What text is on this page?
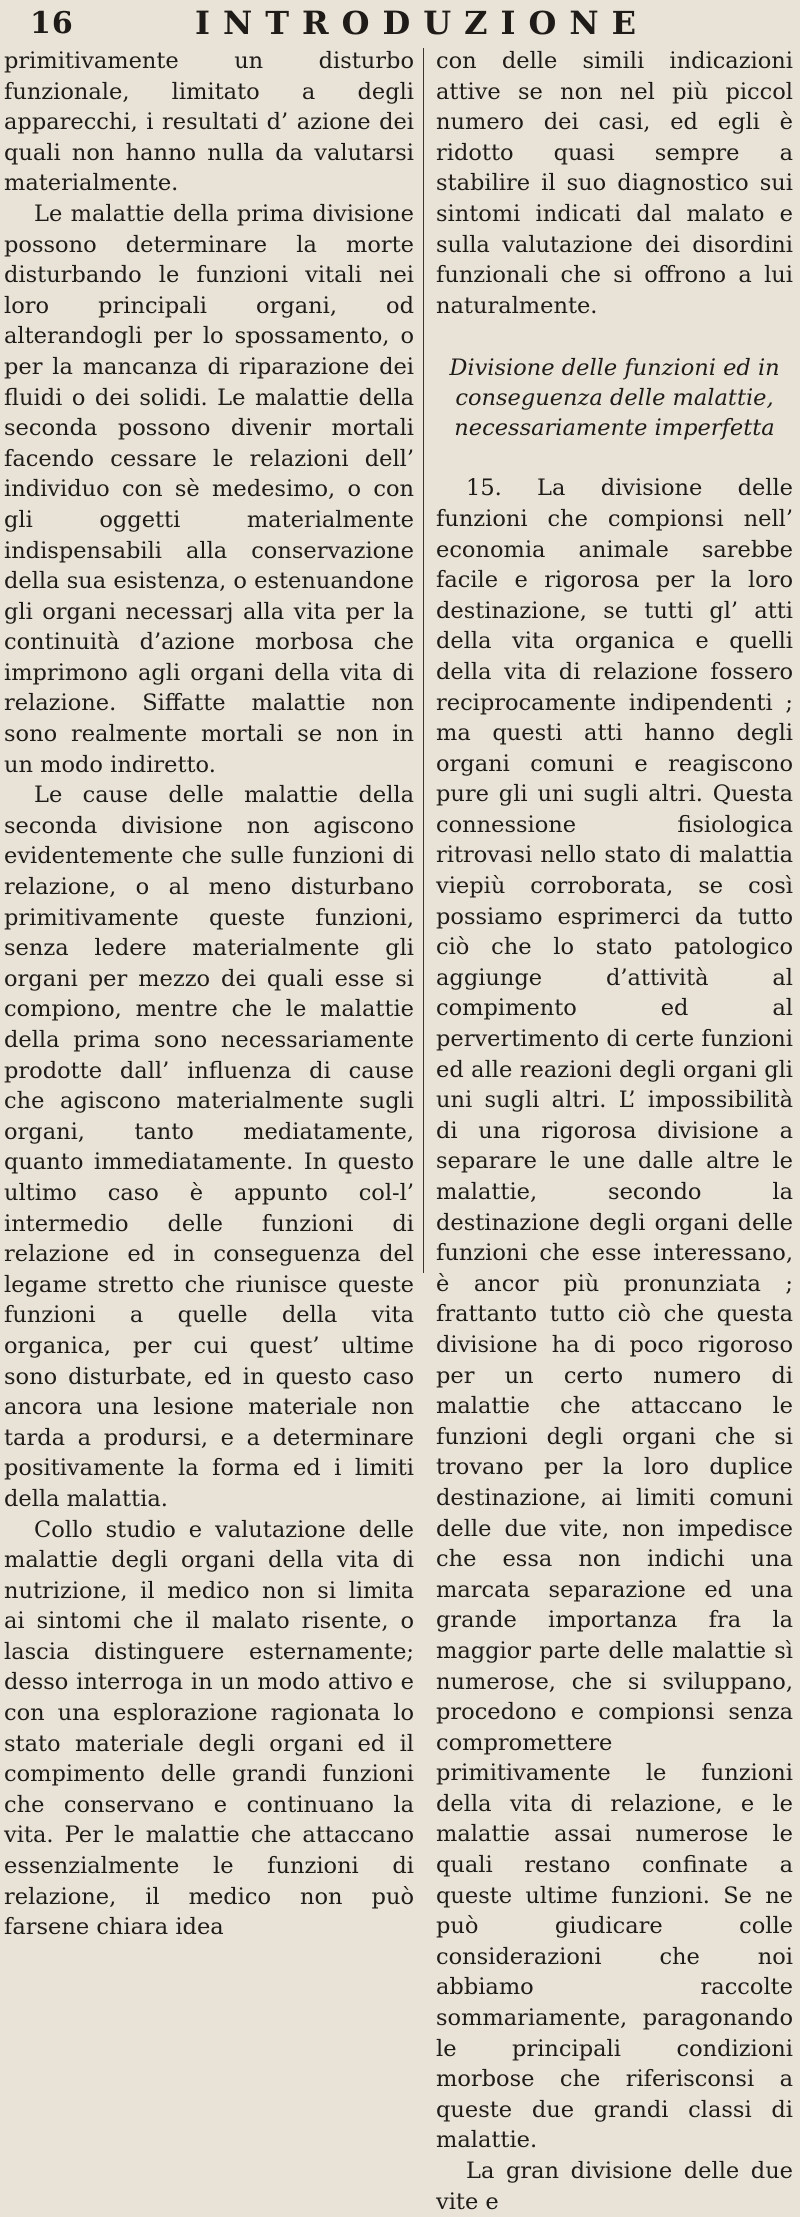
16	INTRODUZIONE

primitivamente un disturbo funzionale, limitato a degli apparecchi, i resultati d’ azione dei quali non hanno nulla da valutarsi materialmente.

Le malattie della prima divisione possono determinare la morte disturbando le funzioni vitali nei loro principali organi, od alterandogli per lo spossamento, o per la mancanza di riparazione dei fluidi o dei solidi. Le malattie della seconda possono divenir mortali facendo cessare le relazioni dell’ individuo con sè medesimo, o con gli oggetti materialmente indispensabili alla conservazione della sua esistenza, o estenuandone gli organi necessarj alla vita per la continuità d’azione morbosa che imprimono agli organi della vita di relazione. Siffatte malattie non sono realmente mortali se non in un modo indiretto.

Le cause delle malattie della seconda divisione non agiscono evidentemente che sulle funzioni di relazione, o al meno disturbano primitivamente queste funzioni, senza ledere materialmente gli organi per mezzo dei quali esse si compiono, mentre che le malattie della prima sono necessariamente prodotte dall’ influenza di cause che agiscono materialmente sugli organi, tanto mediatamente, quanto immediatamente. In questo ultimo caso è appunto col-l’ intermedio delle funzioni di relazione ed in conseguenza del legame stretto che riunisce queste funzioni a quelle della vita organica, per cui quest’ ultime sono disturbate, ed in questo caso ancora una lesione materiale non tarda a prodursi, e a determinare positivamente la forma ed i limiti della malattia.

Collo studio e valutazione delle malattie degli organi della vita di nutrizione, il medico non si limita ai sintomi che il malato risente, o lascia distinguere esternamente; desso interroga in un modo attivo e con una esplorazione ragionata lo stato materiale degli organi ed il compimento delle grandi funzioni che conservano e continuano la vita. Per le malattie che attaccano essenzialmente le funzioni di relazione, il medico non può farsene chiara idea

con delle simili indicazioni attive se non nel più piccol numero dei casi, ed egli è ridotto quasi sempre a stabilire il suo diagnostico sui sintomi indicati dal malato e sulla valutazione dei disordini funzionali che si offrono a lui naturalmente.

Divisione delle funzioni ed in conseguenza delle malattie, necessariamente imperfetta

15. La divisione delle funzioni che compionsi nell’ economia animale sarebbe facile e rigorosa per la loro destinazione, se tutti gl’ atti della vita organica e quelli della vita di relazione fossero reciprocamente indipendenti ; ma questi atti hanno degli organi comuni e reagiscono pure gli uni sugli altri. Questa connessione fisiologica ritrovasi nello stato di malattia viepiù corroborata, se così possiamo esprimerci da tutto ciò che lo stato patologico aggiunge d’attività al compimento ed al pervertimento di certe funzioni ed alle reazioni degli organi gli uni sugli altri. L’ impossibilità di una rigorosa divisione a separare le une dalle altre le malattie, secondo la destinazione degli organi delle funzioni che esse interessano, è ancor più pronunziata ; frattanto tutto ciò che questa divisione ha di poco rigoroso per un certo numero di malattie che attaccano le funzioni degli organi che si trovano per la loro duplice destinazione, ai limiti comuni delle due vite, non impedisce che essa non indichi una marcata separazione ed una grande importanza fra la maggior parte delle malattie sì numerose, che si sviluppano, procedono e compionsi senza compromettere primitivamente le funzioni della vita di relazione, e le malattie assai numerose le quali restano confinate a queste ultime funzioni. Se ne può giudicare colle considerazioni che noi abbiamo raccolte sommariamente, paragonando le principali condizioni morbose che riferisconsi a queste due grandi classi di malattie.

La gran divisione delle due vite e
